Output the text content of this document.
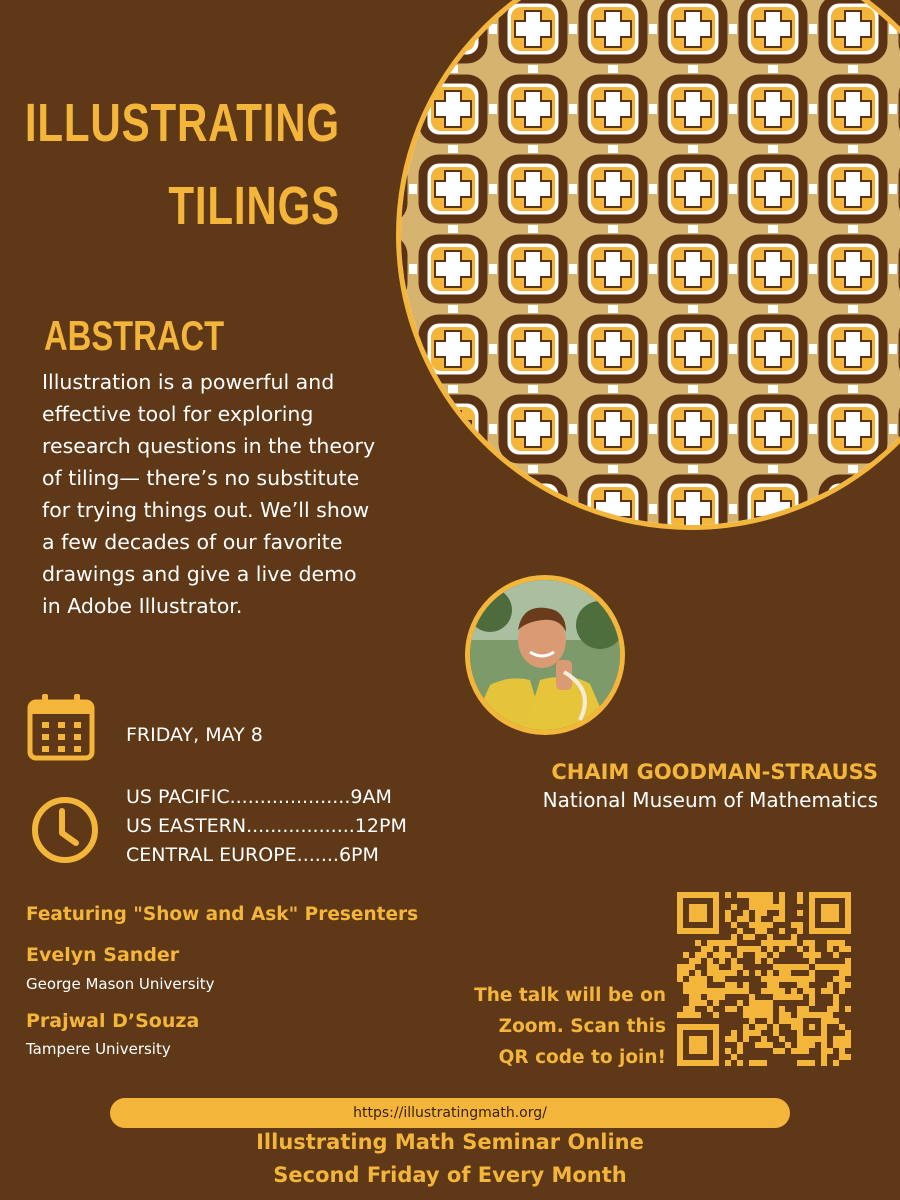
ILLUSTRATING
TILINGS
ABSTRACT
Illustration is a powerful and
effective tool for exploring
research questions in the theory
of tiling— there’s no substitute
for trying things out. We’ll show
a few decades of our favorite
drawings and give a live demo
in Adobe Illustrator.
CHAIM GOODMAN-STRAUSS
National Museum of Mathematics
FRIDAY, MAY 8
US PACIFIC....................9AM
US EASTERN..................12PM
CENTRAL EUROPE.......6PM
Featuring "Show and Ask" Presenters
Evelyn Sander
George Mason University
Prajwal D’Souza
Tampere University
The talk will be on
Zoom. Scan this
QR code to join!
https://illustratingmath.org/
Illustrating Math Seminar Online
Second Friday of Every Month
